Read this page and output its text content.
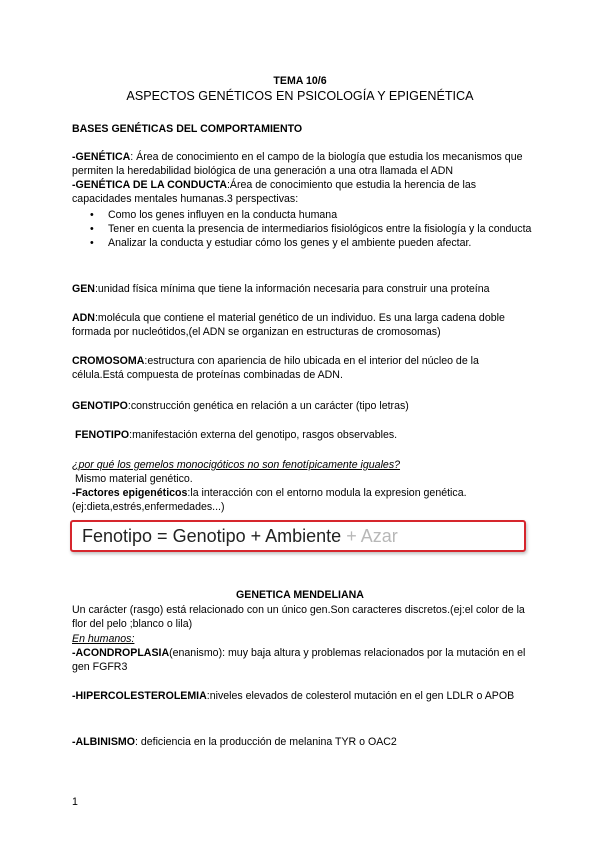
TEMA 10/6
ASPECTOS GENÉTICOS EN PSICOLOGÍA Y EPIGENÉTICA
BASES GENÉTICAS DEL COMPORTAMIENTO
-GENÉTICA: Área de conocimiento en el campo de la biología que estudia los mecanismos que permiten la heredabilidad biológica de una generación a una otra llamada el ADN
-GENÉTICA DE LA CONDUCTA:Área de conocimiento que estudia la herencia de las capacidades mentales humanas.3 perspectivas:
• Como los genes influyen en la conducta humana
• Tener en cuenta la presencia de intermediarios fisiológicos entre la fisiología y la conducta
• Analizar la conducta y estudiar cómo los genes y el ambiente pueden afectar.
GEN:unidad física mínima que tiene la información necesaria para construir una proteína
ADN:molécula que contiene el material genético de un individuo. Es una larga cadena doble formada por nucleótidos,(el ADN se organizan en estructuras de cromosomas)
CROMOSOMA:estructura con apariencia de hilo ubicada en el interior del núcleo de la célula.Está compuesta de proteínas combinadas de ADN.
GENOTIPO:construcción genética en relación a un carácter (tipo letras)
FENOTIPO:manifestación externa del genotipo, rasgos observables.
¿por qué los gemelos monocigóticos no son fenotípicamente iguales?
Mismo material genético.
-Factores epigenéticos:la interacción con el entorno modula la expresion genética.(ej:dieta,estrés,enfermedades...)
Fenotipo = Genotipo + Ambiente + Azar
GENETICA MENDELIANA
Un carácter (rasgo) está relacionado con un único gen.Son caracteres discretos.(ej:el color de la flor del pelo ;blanco o lila)
En humanos:
-ACONDROPLASIA(enanismo): muy baja altura y problemas relacionados por la mutación en el gen FGFR3
-HIPERCOLESTEROLEMIA:niveles elevados de colesterol mutación en el gen LDLR o APOB
-ALBINISMO: deficiencia en la producción de melanina TYR o OAC2
1
